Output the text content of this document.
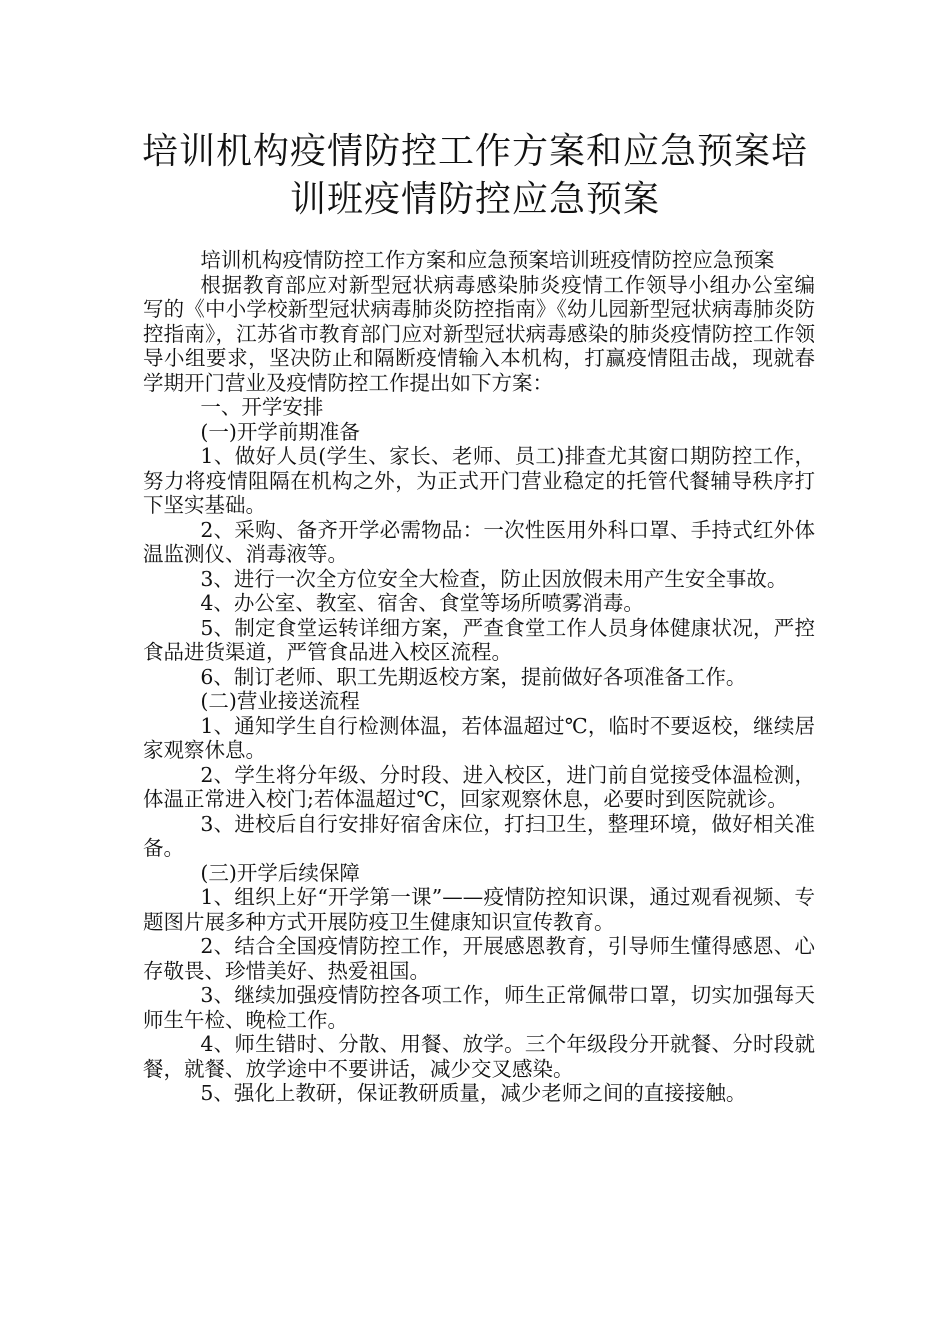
培训机构疫情防控工作方案和应急预案培训班疫情防控应急预案

培训机构疫情防控工作方案和应急预案培训班疫情防控应急预案

根据教育部应对新型冠状病毒感染肺炎疫情工作领导小组办公室编写的《中小学校新型冠状病毒肺炎防控指南》《幼儿园新型冠状病毒肺炎防控指南》，江苏省市教育部门应对新型冠状病毒感染的肺炎疫情防控工作领导小组要求，坚决防止和隔断疫情输入本机构，打赢疫情阻击战，现就春学期开门营业及疫情防控工作提出如下方案：

一、开学安排

(一)开学前期准备

1、做好人员(学生、家长、老师、员工)排查尤其窗口期防控工作，努力将疫情阻隔在机构之外，为正式开门营业稳定的托管代餐辅导秩序打下坚实基础。

2、采购、备齐开学必需物品：一次性医用外科口罩、手持式红外体温监测仪、消毒液等。

3、进行一次全方位安全大检查，防止因放假未用产生安全事故。

4、办公室、教室、宿舍、食堂等场所喷雾消毒。

5、制定食堂运转详细方案，严查食堂工作人员身体健康状况，严控食品进货渠道，严管食品进入校区流程。

6、制订老师、职工先期返校方案，提前做好各项准备工作。

(二)营业接送流程

1、通知学生自行检测体温，若体温超过℃，临时不要返校，继续居家观察休息。

2、学生将分年级、分时段、进入校区，进门前自觉接受体温检测，体温正常进入校门;若体温超过℃，回家观察休息，必要时到医院就诊。

3、进校后自行安排好宿舍床位，打扫卫生，整理环境，做好相关准备。

(三)开学后续保障

1、组织上好“开学第一课”——疫情防控知识课，通过观看视频、专题图片展多种方式开展防疫卫生健康知识宣传教育。

2、结合全国疫情防控工作，开展感恩教育，引导师生懂得感恩、心存敬畏、珍惜美好、热爱祖国。

3、继续加强疫情防控各项工作，师生正常佩带口罩，切实加强每天师生午检、晚检工作。

4、师生错时、分散、用餐、放学。三个年级段分开就餐、分时段就餐，就餐、放学途中不要讲话，减少交叉感染。

5、强化上教研，保证教研质量，减少老师之间的直接接触。
